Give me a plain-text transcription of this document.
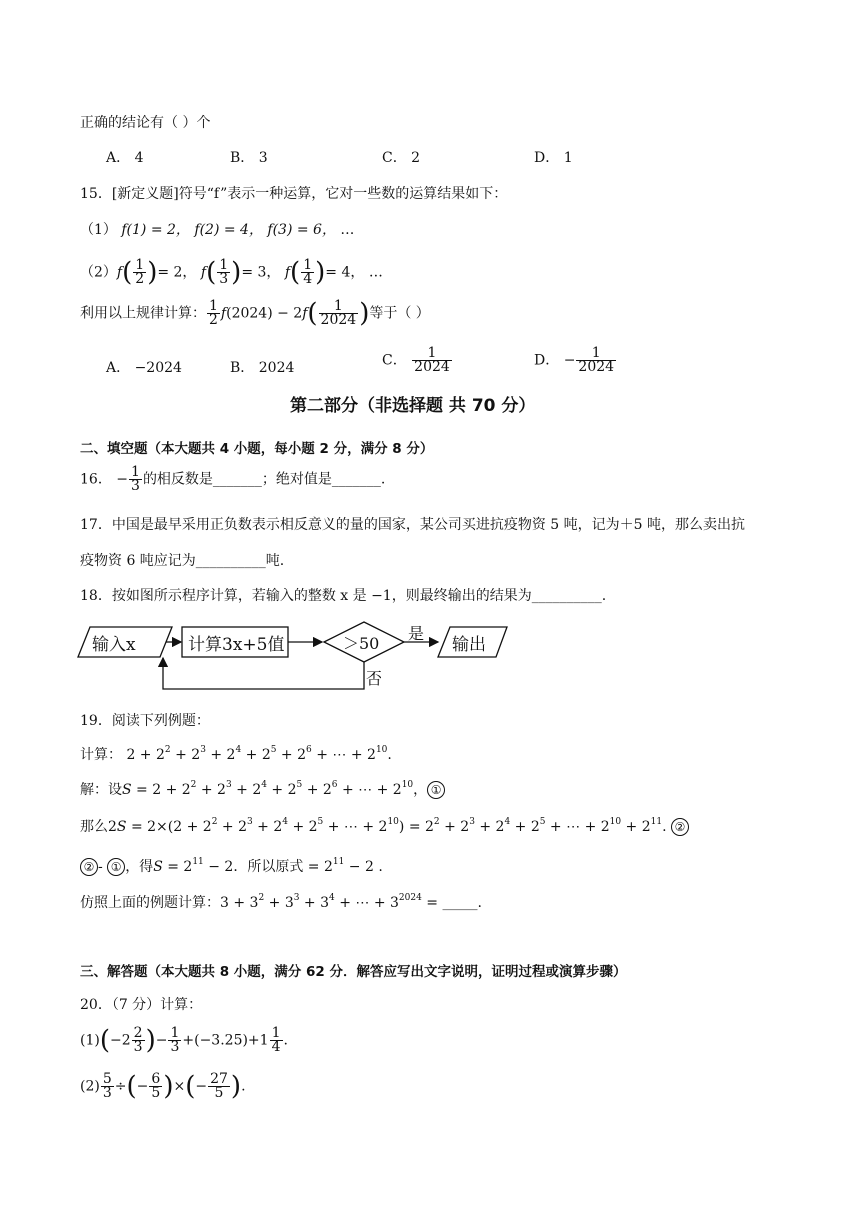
正确的结论有（ ）个
A． 4	B． 3	C． 2	D． 1
15．[新定义题]符号“f”表示一种运算，它对一些数的运算结果如下：
（1） f(1) = 2， f(2) = 4， f(3) = 6， …
$(2)f( \frac{1}{2}$ )= 2， $f( \frac{1}{3}$ )= 3， $f( \frac{1}{4}$ )= 4， …
利用以上规律计算： $\frac{1}{2} f(2024) - 2f( \frac{1}{2024}$ )等于（ ）
A． −2024	B． 2024	C． $\frac{1}{2024}$	D． − $\frac{1}{2024}$
第二部分（非选择题 共 70 分）
二、填空题（本大题共 4 小题，每小题 2 分，满分 8 分）
16． − $\frac{1}{3}$ 的相反数是_______；绝对值是_______.
17．中国是最早采用正负数表示相反意义的量的国家，某公司买进抗疫物资 5 吨，记为＋5 吨，那么卖出抗
疫物资 6 吨应记为__________吨.
18．按如图所示程序计算，若输入的整数 x 是 −1，则最终输出的结果为__________.
输入x	计算3x+5值	＞50
是
否
输出
19．阅读下列例题：
计算： $2 + 2^2 + 2^3 + 2^4 + 2^5 + 2^6$ + ⋯ + $2^{10}$.
解：设$S = 2 + 2^2 + 2^3 + 2^4 + 2^5 + 2^6$ + ⋯ + $2^{10}$， ①
那么$2S = 2\times(2 + 2^2 + 2^3 + 2^4 + 2^5$ + ⋯ + $2^{10}) = 2^2 + 2^3 + 2^4 + 2^5$ + ⋯ + $2^{10} + 2^{11}$. ②
② - ① ，得$S = 2^{11} - 2$．所以原式 = $2^{11} - 2$ .
仿照上面的例题计算：$3 + 3^2 + 3^3 + 3^4$ + ⋯ + $3^{2024}$ = _____.
三、解答题（本大题共 8 小题，满分 62 分．解答应写出文字说明，证明过程或演算步骤）
20．（7 分）计算：
$(1)(-2 \frac{2}{3}$ )− $\frac{1}{3} +(-3.25)+1 \frac{1}{4}$ .
$(2) \frac{5}{3}$ ÷(− $\frac{6}{5}$ )×(− $\frac{27}{5}$ ).
